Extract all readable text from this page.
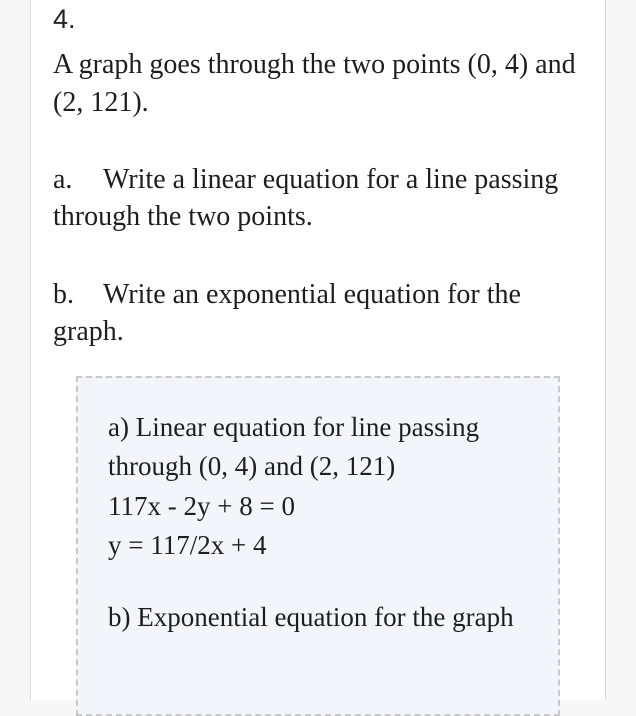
4.
A graph goes through the two points (0, 4) and (2, 121).
a. Write a linear equation for a line passing through the two points.
b. Write an exponential equation for the graph.
a) Linear equation for line passing through (0, 4) and (2, 121)
117x - 2y + 8 = 0
y = 117/2x + 4
b) Exponential equation for the graph
